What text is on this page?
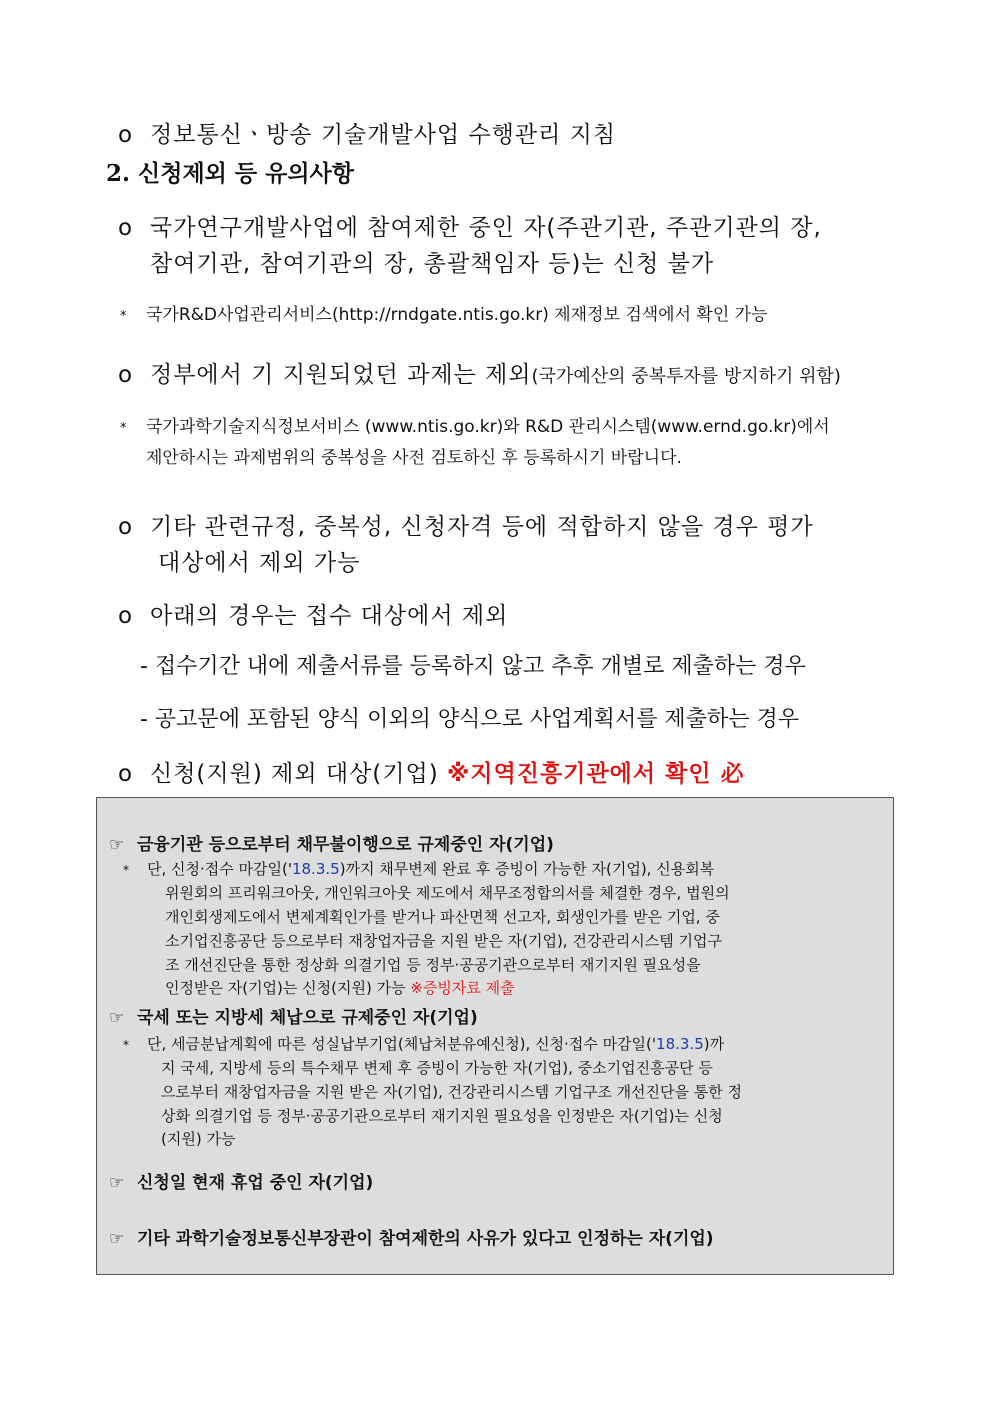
o 정보통신ㆍ방송 기술개발사업 수행관리 지침
2. 신청제외 등 유의사항
o 국가연구개발사업에 참여제한 중인 자(주관기관, 주관기관의 장,
참여기관, 참여기관의 장, 총괄책임자 등)는 신청 불가
* 국가R&D사업관리서비스(http://rndgate.ntis.go.kr) 제재정보 검색에서 확인 가능
o 정부에서 기 지원되었던 과제는 제외(국가예산의 중복투자를 방지하기 위함)
* 국가과학기술지식정보서비스 (www.ntis.go.kr)와 R&D 관리시스템(www.ernd.go.kr)에서
제안하시는 과제범위의 중복성을 사전 검토하신 후 등록하시기 바랍니다.
o 기타 관련규정, 중복성, 신청자격 등에 적합하지 않을 경우 평가
대상에서 제외 가능
o 아래의 경우는 접수 대상에서 제외
- 접수기간 내에 제출서류를 등록하지 않고 추후 개별로 제출하는 경우
- 공고문에 포함된 양식 이외의 양식으로 사업계획서를 제출하는 경우
o 신청(지원) 제외 대상(기업) ※지역진흥기관에서 확인 必
☞ 금융기관 등으로부터 채무불이행으로 규제중인 자(기업)
* 단, 신청·접수 마감일('18.3.5)까지 채무변제 완료 후 증빙이 가능한 자(기업), 신용회복
위원회의 프리워크아웃, 개인워크아웃 제도에서 채무조정합의서를 체결한 경우, 법원의
개인회생제도에서 변제계획인가를 받거나 파산면책 선고자, 회생인가를 받은 기업, 중
소기업진흥공단 등으로부터 재창업자금을 지원 받은 자(기업), 건강관리시스템 기업구
조 개선진단을 통한 정상화 의결기업 등 정부·공공기관으로부터 재기지원 필요성을
인정받은 자(기업)는 신청(지원) 가능 ※증빙자료 제출
☞ 국세 또는 지방세 체납으로 규제중인 자(기업)
* 단, 세금분납계획에 따른 성실납부기업(체납처분유예신청), 신청·접수 마감일('18.3.5)까
지 국세, 지방세 등의 특수채무 변제 후 증빙이 가능한 자(기업), 중소기업진흥공단 등
으로부터 재창업자금을 지원 받은 자(기업), 건강관리시스템 기업구조 개선진단을 통한 정
상화 의결기업 등 정부·공공기관으로부터 재기지원 필요성을 인정받은 자(기업)는 신청
(지원) 가능
☞ 신청일 현재 휴업 중인 자(기업)
☞ 기타 과학기술정보통신부장관이 참여제한의 사유가 있다고 인정하는 자(기업)
